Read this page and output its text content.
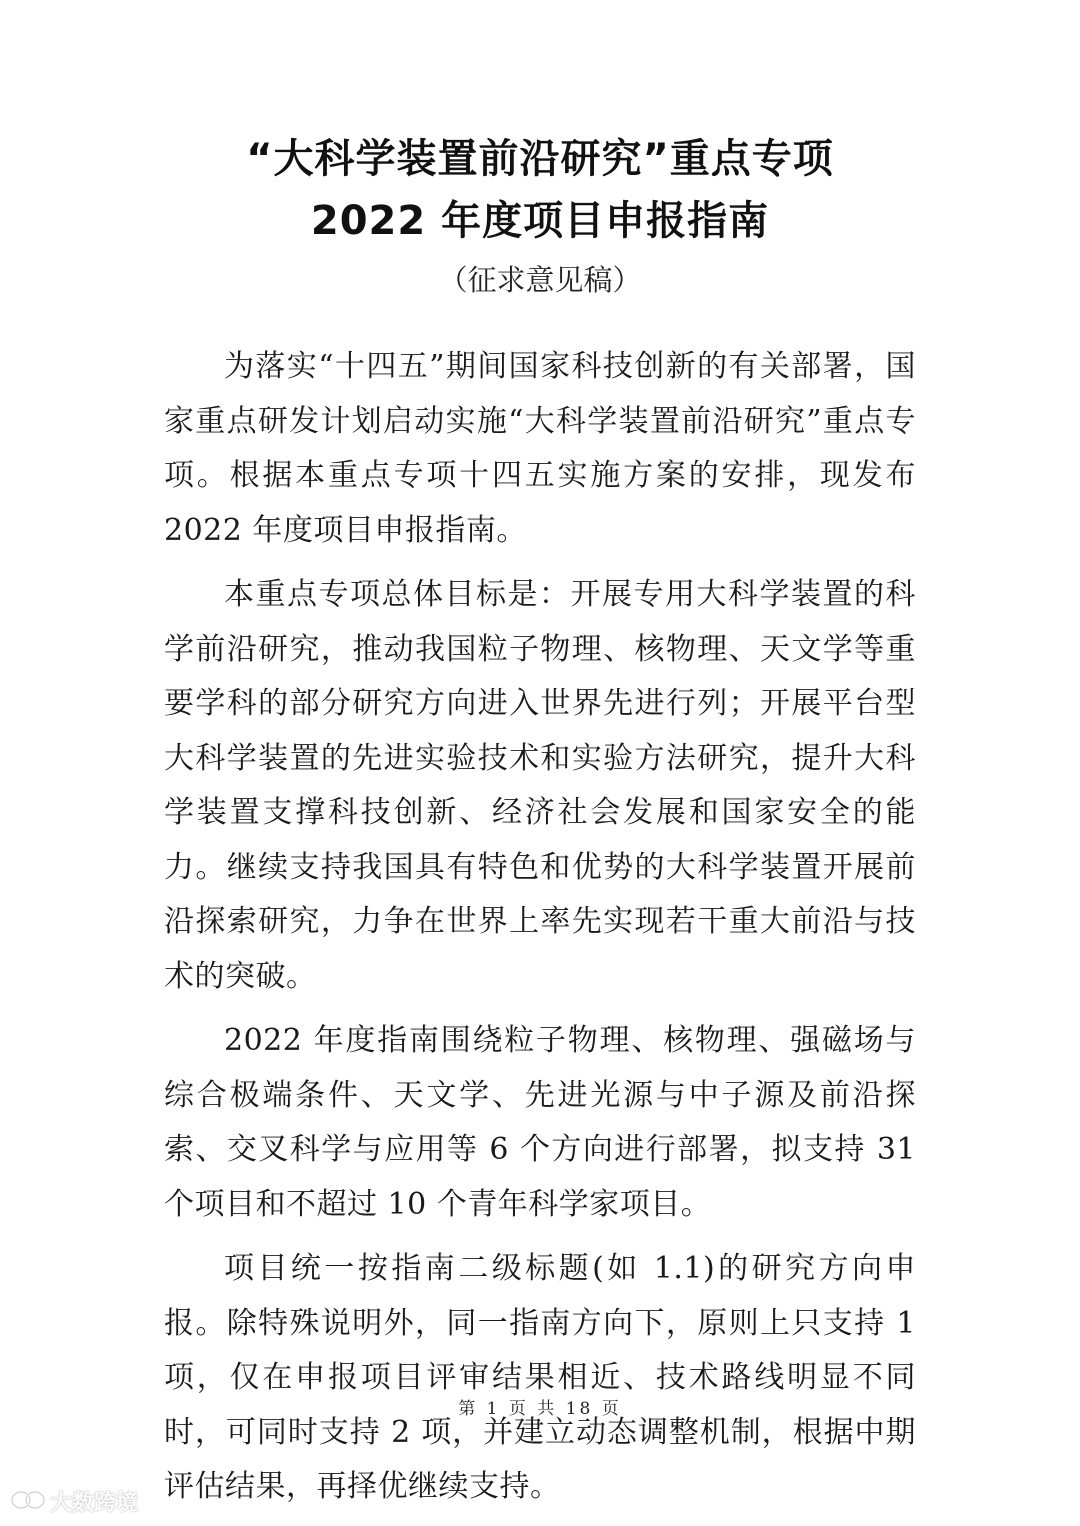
“大科学装置前沿研究”重点专项
2022 年度项目申报指南
（征求意见稿）

为落实“十四五”期间国家科技创新的有关部署，国家重点研发计划启动实施“大科学装置前沿研究”重点专项。根据本重点专项十四五实施方案的安排，现发布 2022 年度项目申报指南。

本重点专项总体目标是：开展专用大科学装置的科学前沿研究，推动我国粒子物理、核物理、天文学等重要学科的部分研究方向进入世界先进行列；开展平台型大科学装置的先进实验技术和实验方法研究，提升大科学装置支撑科技创新、经济社会发展和国家安全的能力。继续支持我国具有特色和优势的大科学装置开展前沿探索研究，力争在世界上率先实现若干重大前沿与技术的突破。

2022 年度指南围绕粒子物理、核物理、强磁场与综合极端条件、天文学、先进光源与中子源及前沿探索、交叉科学与应用等 6 个方向进行部署，拟支持 31 个项目和不超过 10 个青年科学家项目。

项目统一按指南二级标题(如 1.1)的研究方向申报。除特殊说明外，同一指南方向下，原则上只支持 1 项，仅在申报项目评审结果相近、技术路线明显不同时，可同时支持 2 项，并建立动态调整机制，根据中期评估结果，再择优继续支持。

第 1 页 共 18 页
大数跨境
